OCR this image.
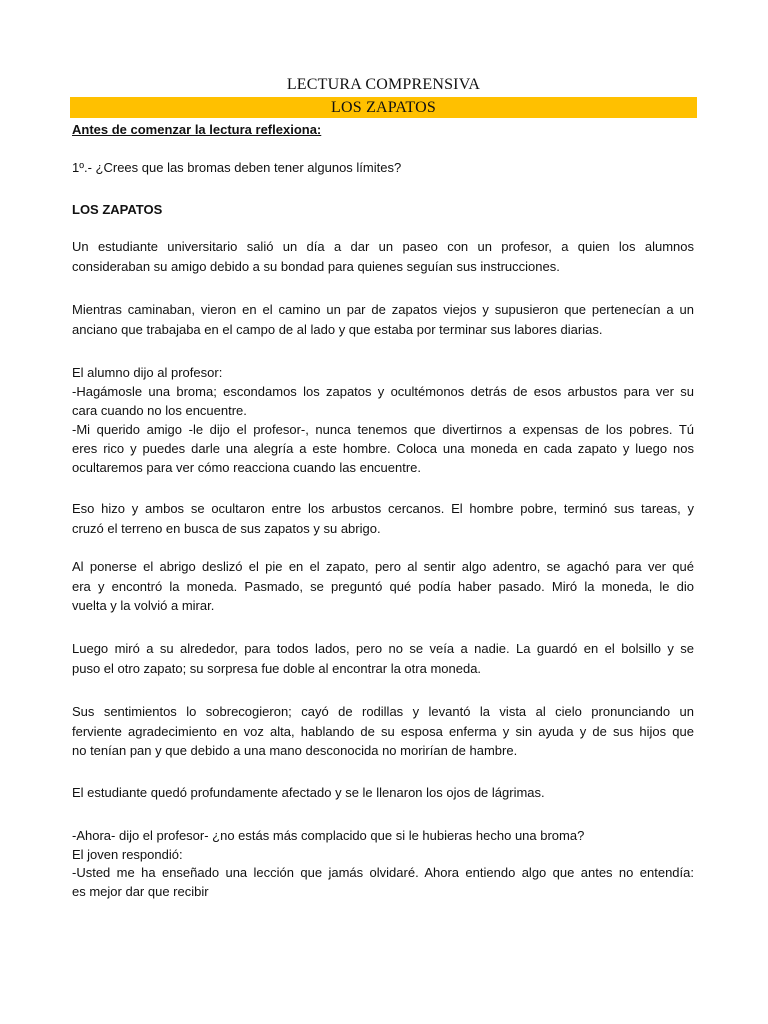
LECTURA COMPRENSIVA
LOS ZAPATOS
Antes de comenzar la lectura reflexiona:
1º.- ¿Crees que las bromas deben tener algunos límites?
LOS ZAPATOS
Un estudiante universitario salió un día a dar un paseo con un profesor, a quien los alumnos
consideraban su amigo debido a su bondad para quienes seguían sus instrucciones.
Mientras caminaban, vieron en el camino un par de zapatos viejos y supusieron que pertenecían a un
anciano que trabajaba en el campo de al lado y que estaba por terminar sus labores diarias.
El alumno dijo al profesor:
-Hagámosle una broma; escondamos los zapatos y ocultémonos detrás de esos arbustos para ver su
cara cuando no los encuentre.
-Mi querido amigo -le dijo el profesor-, nunca tenemos que divertirnos a expensas de los pobres. Tú
eres rico y puedes darle una alegría a este hombre. Coloca una moneda en cada zapato y luego nos
ocultaremos para ver cómo reacciona cuando las encuentre.
Eso hizo y ambos se ocultaron entre los arbustos cercanos. El hombre pobre, terminó sus tareas, y
cruzó el terreno en busca de sus zapatos y su abrigo.
Al ponerse el abrigo deslizó el pie en el zapato, pero al sentir algo adentro, se agachó para ver qué
era y encontró la moneda. Pasmado, se preguntó qué podía haber pasado. Miró la moneda, le dio
vuelta y la volvió a mirar.
Luego miró a su alrededor, para todos lados, pero no se veía a nadie. La guardó en el bolsillo y se
puso el otro zapato; su sorpresa fue doble al encontrar la otra moneda.
Sus sentimientos lo sobrecogieron; cayó de rodillas y levantó la vista al cielo pronunciando un
ferviente agradecimiento en voz alta, hablando de su esposa enferma y sin ayuda y de sus hijos que
no tenían pan y que debido a una mano desconocida no morirían de hambre.
El estudiante quedó profundamente afectado y se le llenaron los ojos de lágrimas.
-Ahora- dijo el profesor- ¿no estás más complacido que si le hubieras hecho una broma?
El joven respondió:
-Usted me ha enseñado una lección que jamás olvidaré. Ahora entiendo algo que antes no entendía:
es mejor dar que recibir
